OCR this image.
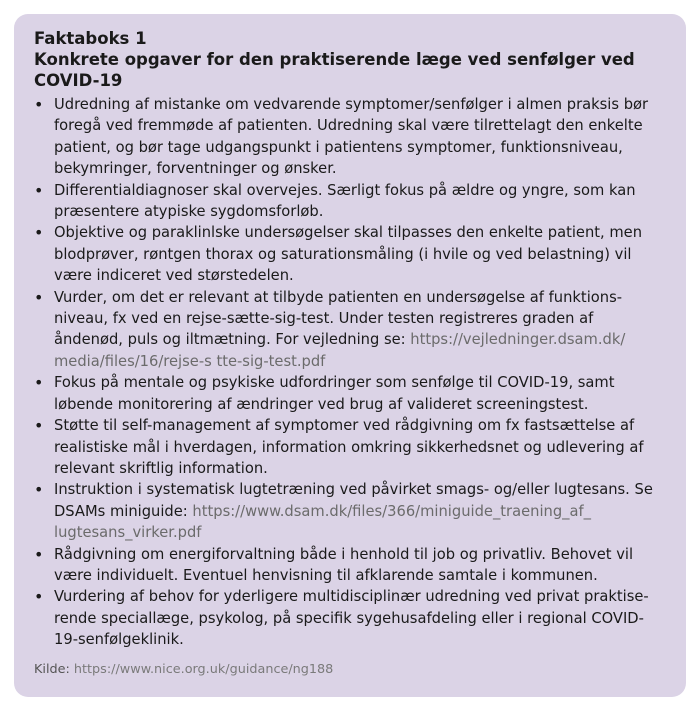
Faktaboks 1

Konkrete opgaver for den praktiserende læge ved senfølger ved COVID-19

• Udredning af mistanke om vedvarende symptomer/senfølger i almen praksis bør foregå ved fremmøde af patienten. Udredning skal være tilrettelagt den enkelte patient, og bør tage udgangspunkt i patientens symptomer, funktionsniveau, bekymringer, forventninger og ønsker.
• Differentialdiagnoser skal overvejes. Særligt fokus på ældre og yngre, som kan præsentere atypiske sygdomsforløb.
• Objektive og paraklinlske undersøgelser skal tilpasses den enkelte patient, men blodprøver, røntgen thorax og saturationsmåling (i hvile og ved belastning) vil være indiceret ved størstedelen.
• Vurder, om det er relevant at tilbyde patienten en undersøgelse af funktionsniveau, fx ved en rejse-sætte-sig-test. Under testen registreres graden af åndenød, puls og iltmætning. For vejledning se: https://vejledninger.dsam.dk/ media/files/16/rejse-s tte-sig-test.pdf
• Fokus på mentale og psykiske udfordringer som senfølge til COVID-19, samt løbende monitorering af ændringer ved brug af valideret screeningstest.
• Støtte til self-management af symptomer ved rådgivning om fx fastsættelse af realistiske mål i hverdagen, information omkring sikkerhedsnet og udlevering af relevant skriftlig information.
• Instruktion i systematisk lugtetræning ved påvirket smags- og/eller lugtesans. Se DSAMs miniguide: https://www.dsam.dk/files/366/miniguide_traening_af_ lugtesans_virker.pdf
• Rådgivning om energiforvaltning både i henhold til job og privatliv. Behovet vil være individuelt. Eventuel henvisning til afklarende samtale i kommunen.
• Vurdering af behov for yderligere multidisciplinær udredning ved privat praktiserende speciallæge, psykolog, på specifik sygehusafdeling eller i regional COVID-19-senfølgeklinik.
Kilde: https://www.nice.org.uk/guidance/ng188
